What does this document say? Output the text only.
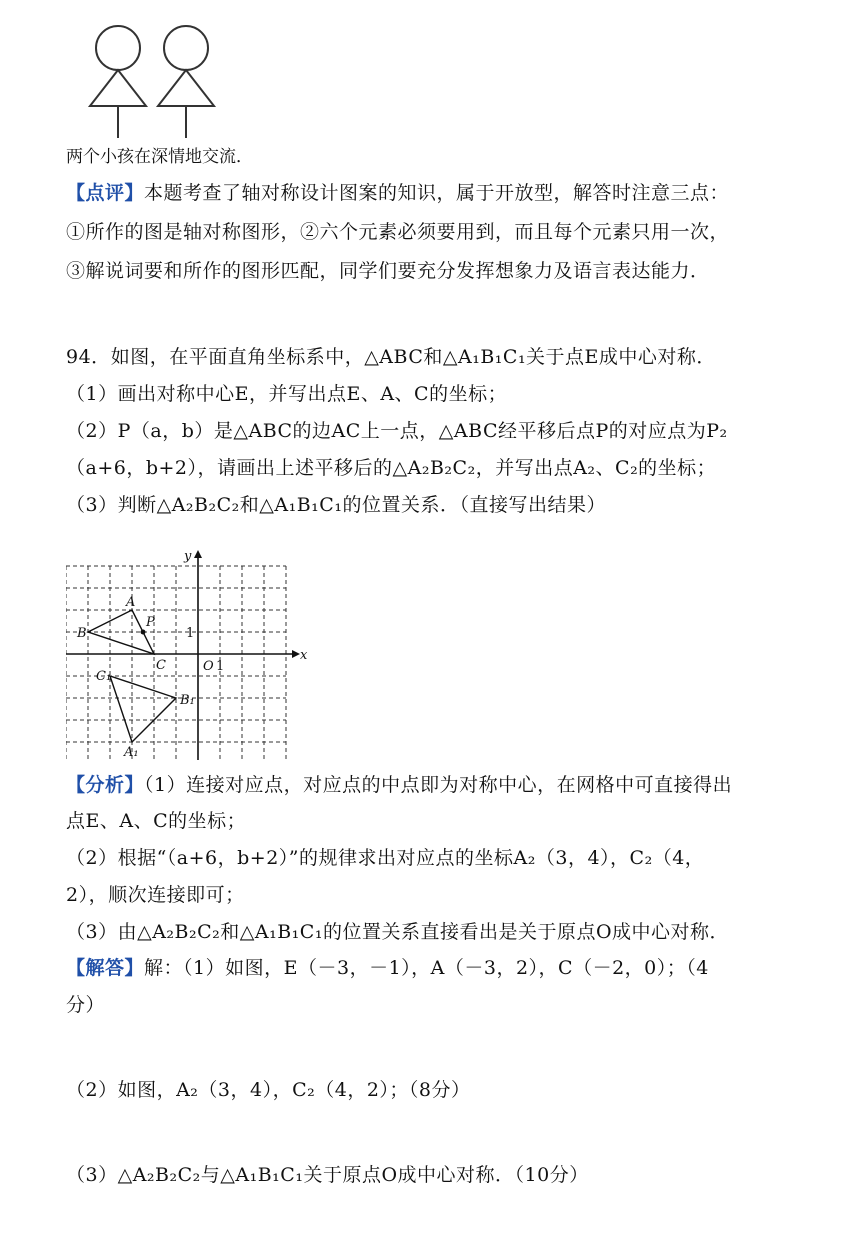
两个小孩在深情地交流．
【点评】本题考查了轴对称设计图案的知识，属于开放型，解答时注意三点：
①所作的图是轴对称图形，②六个元素必须要用到，而且每个元素只用一次，
③解说词要和所作的图形匹配，同学们要充分发挥想象力及语言表达能力．
94．如图，在平面直角坐标系中，△ABC和△A₁B₁C₁关于点E成中心对称．
（1）画出对称中心E，并写出点E、A、C的坐标；
（2）P（a，b）是△ABC的边AC上一点，△ABC经平移后点P的对应点为P₂
（a+6，b+2），请画出上述平移后的△A₂B₂C₂，并写出点A₂、C₂的坐标；
（3）判断△A₂B₂C₂和△A₁B₁C₁的位置关系．（直接写出结果）
y
x
O 1
1
A
P
B
C
C₁
B₁
A₁
【分析】（1）连接对应点，对应点的中点即为对称中心，在网格中可直接得出
点E、A、C的坐标；
（2）根据“（a+6，b+2）”的规律求出对应点的坐标A₂（3，4），C₂（4，
2），顺次连接即可；
（3）由△A₂B₂C₂和△A₁B₁C₁的位置关系直接看出是关于原点O成中心对称．
【解答】解：（1）如图，E（－3，－1），A（－3，2），C（－2，0）；（4
分）
（2）如图，A₂（3，4），C₂（4，2）；（8分）
（3）△A₂B₂C₂与△A₁B₁C₁关于原点O成中心对称．（10分）
